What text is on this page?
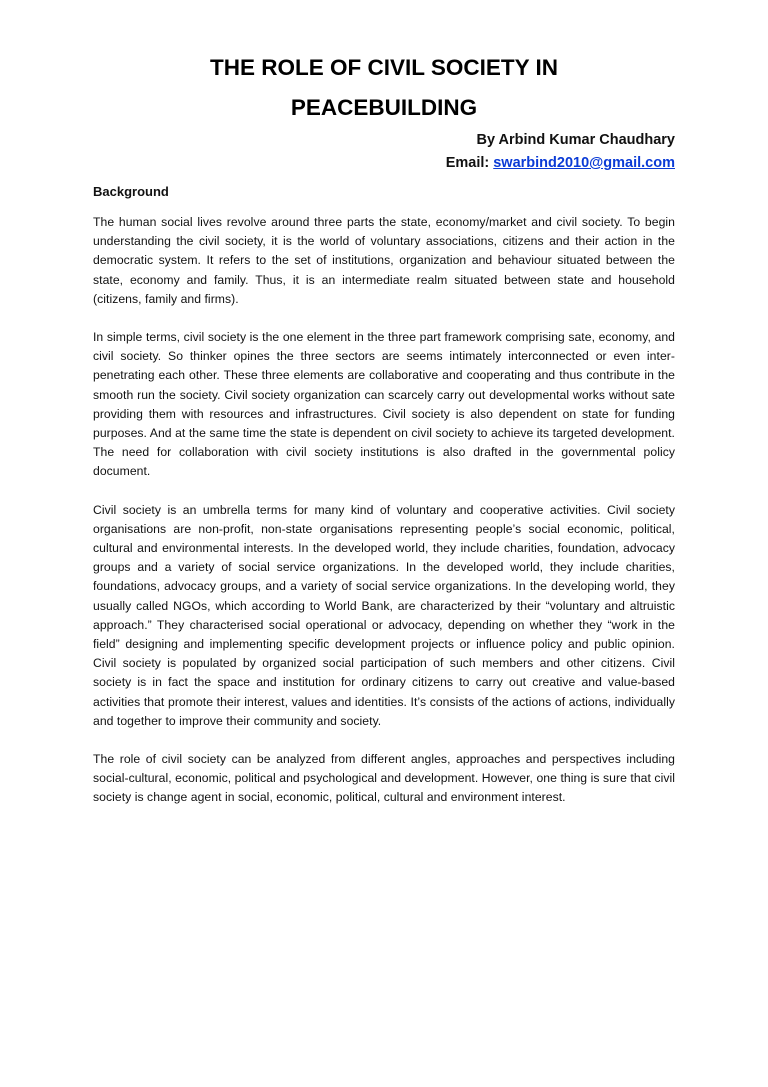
THE ROLE OF CIVIL SOCIETY IN
PEACEBUILDING
By Arbind Kumar Chaudhary
Email: swarbind2010@gmail.com
Background

The human social lives revolve around three parts the state, economy/market and civil society. To begin understanding the civil society, it is the world of voluntary associations, citizens and their action in the democratic system. It refers to the set of institutions, organization and behaviour situated between the state, economy and family. Thus, it is an intermediate realm situated between state and household (citizens, family and firms).

In simple terms, civil society is the one element in the three part framework comprising sate, economy, and civil society. So thinker opines the three sectors are seems intimately interconnected or even inter-penetrating each other. These three elements are collaborative and cooperating and thus contribute in the smooth run the society. Civil society organization can scarcely carry out developmental works without sate providing them with resources and infrastructures. Civil society is also dependent on state for funding purposes. And at the same time the state is dependent on civil society to achieve its targeted development. The need for collaboration with civil society institutions is also drafted in the governmental policy document.

Civil society is an umbrella terms for many kind of voluntary and cooperative activities. Civil society organisations are non-profit, non-state organisations representing people’s social economic, political, cultural and environmental interests. In the developed world, they include charities, foundation, advocacy groups and a variety of social service organizations. In the developed world, they include charities, foundations, advocacy groups, and a variety of social service organizations. In the developing world, they usually called NGOs, which according to World Bank, are characterized by their “voluntary and altruistic approach.” They characterised social operational or advocacy, depending on whether they “work in the field” designing and implementing specific development projects or influence policy and public opinion. Civil society is populated by organized social participation of such members and other citizens. Civil society is in fact the space and institution for ordinary citizens to carry out creative and value-based activities that promote their interest, values and identities. It’s consists of the actions of actions, individually and together to improve their community and society.

The role of civil society can be analyzed from different angles, approaches and perspectives including social-cultural, economic, political and psychological and development. However, one thing is sure that civil society is change agent in social, economic, political, cultural and environment interest.
